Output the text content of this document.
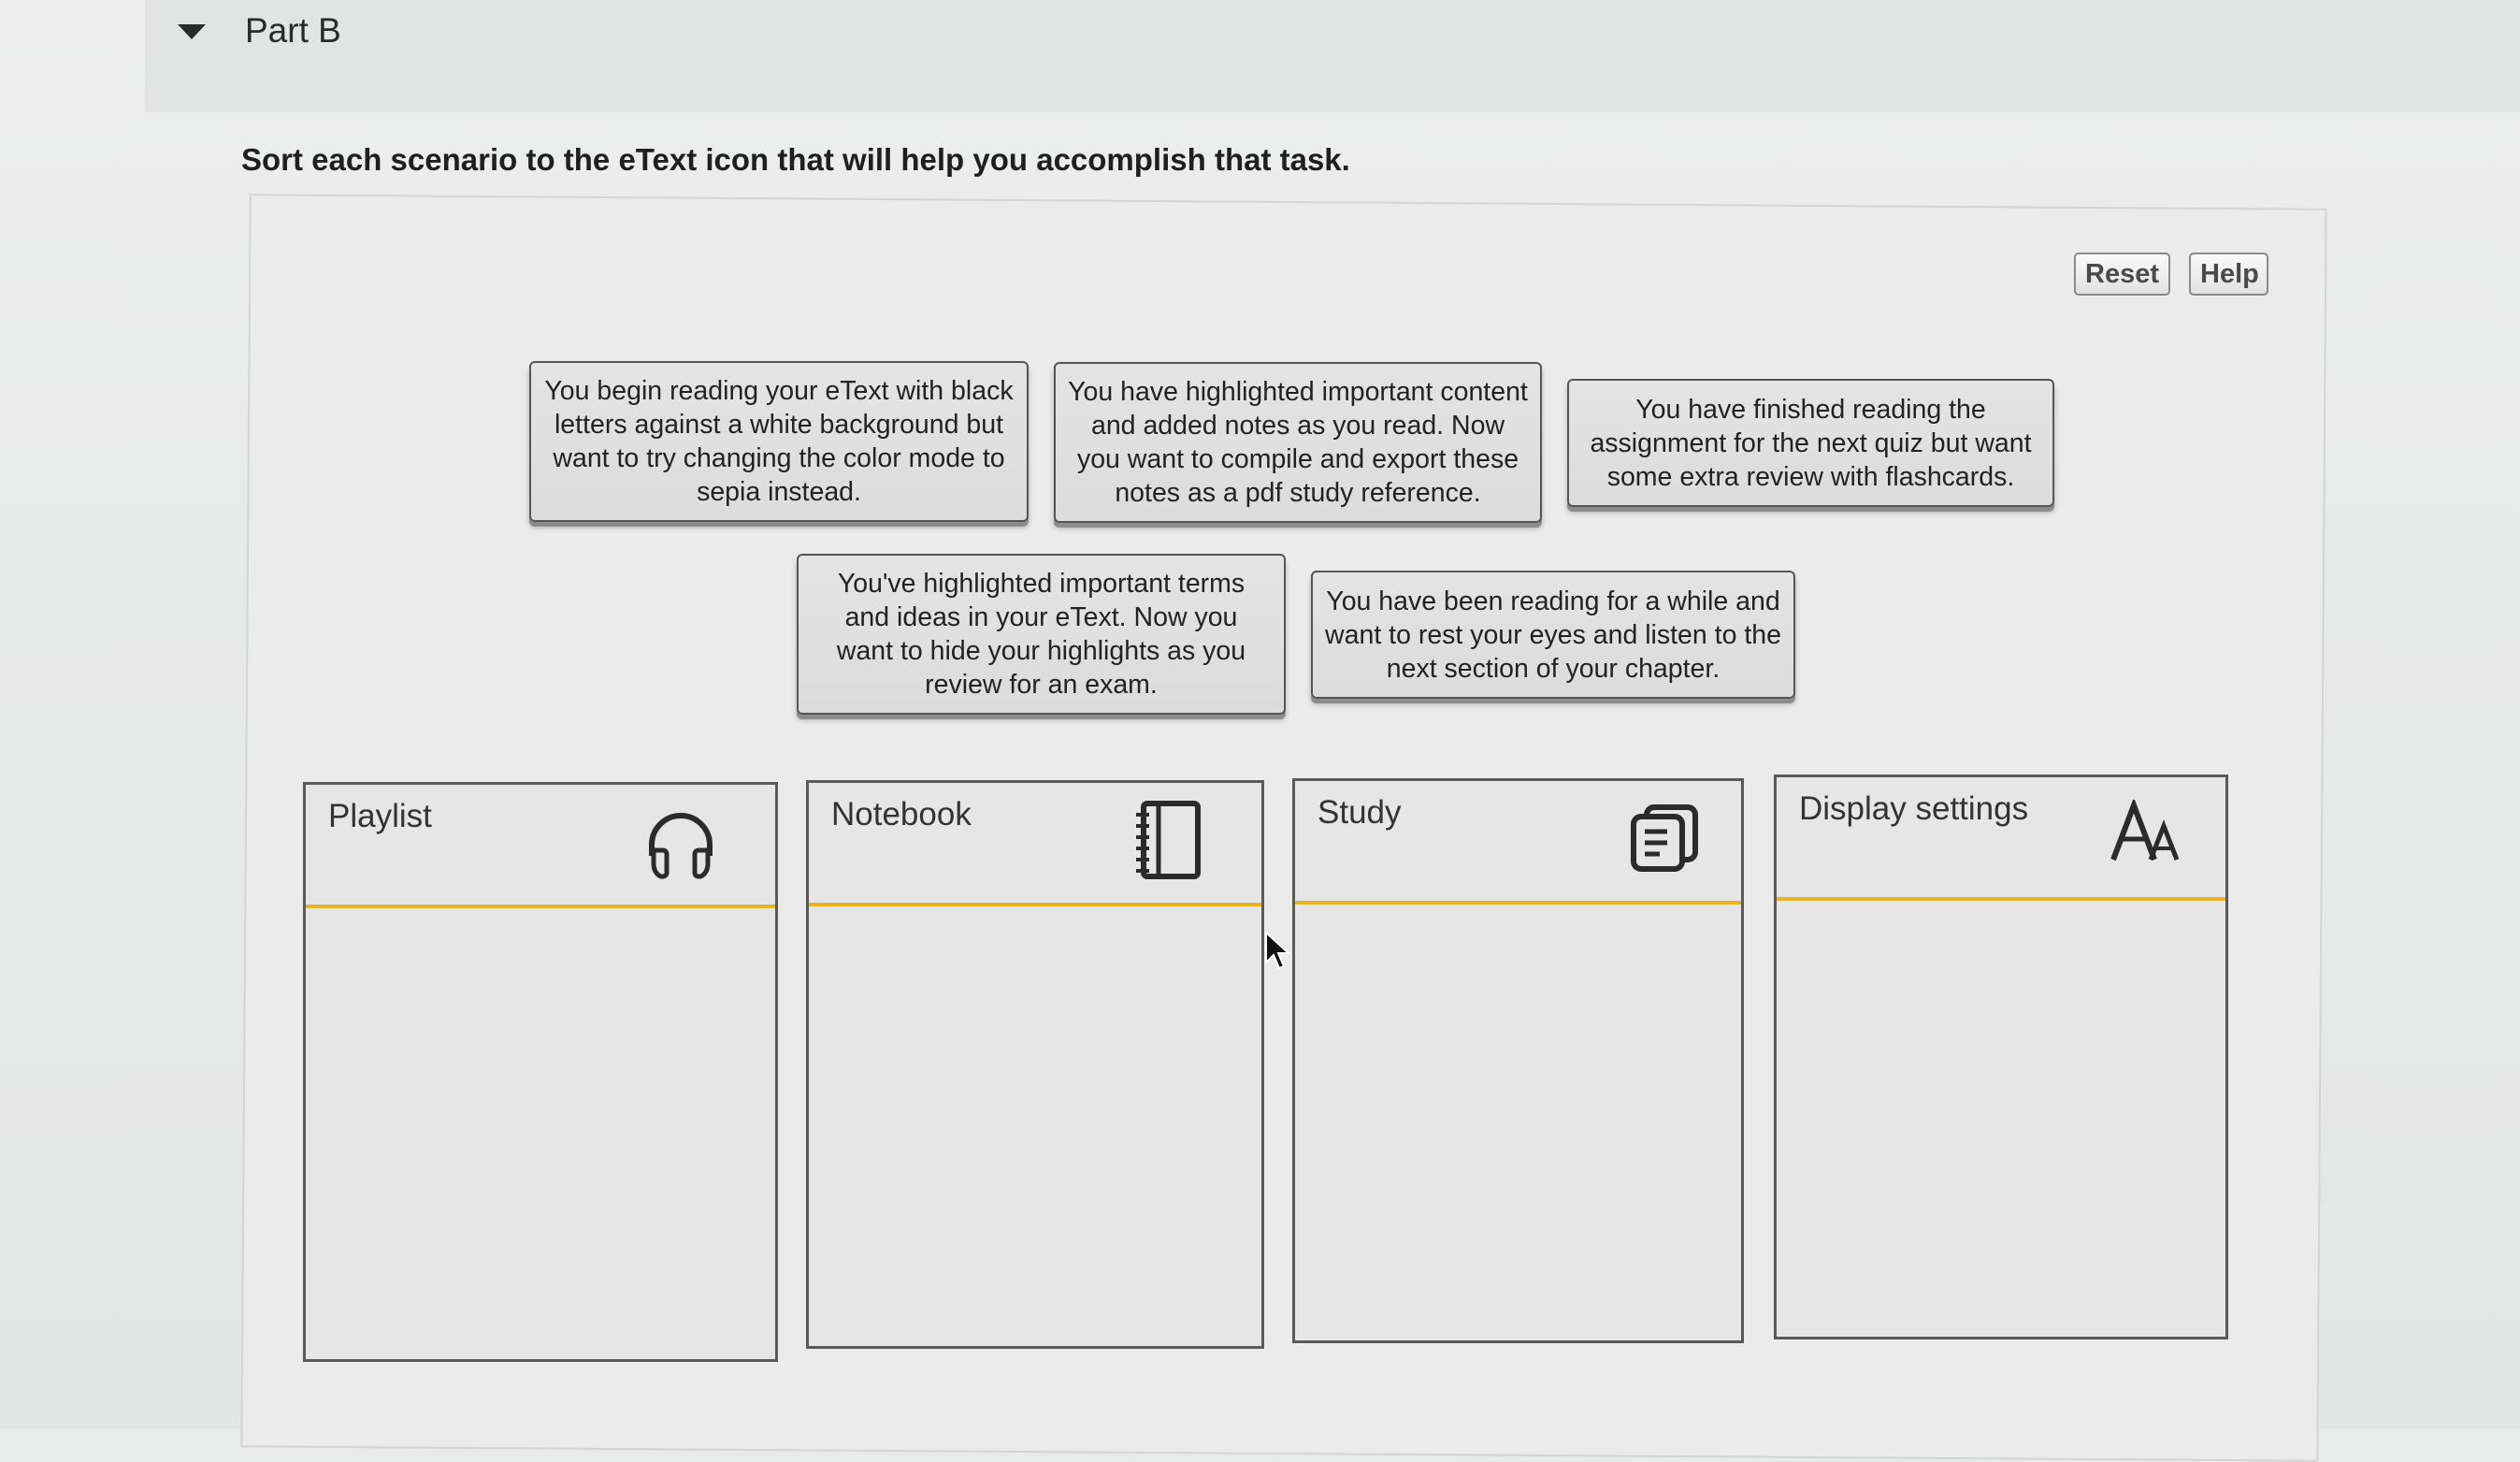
Part B
Sort each scenario to the eText icon that will help you accomplish that task.
Reset	Help
You begin reading your eText with black letters against a white background but want to try changing the color mode to sepia instead.
You have highlighted important content and added notes as you read. Now you want to compile and export these notes as a pdf study reference.
You have finished reading the assignment for the next quiz but want some extra review with flashcards.
You've highlighted important terms and ideas in your eText. Now you want to hide your highlights as you review for an exam.
You have been reading for a while and want to rest your eyes and listen to the next section of your chapter.
Playlist	Notebook	Study	Display settings
